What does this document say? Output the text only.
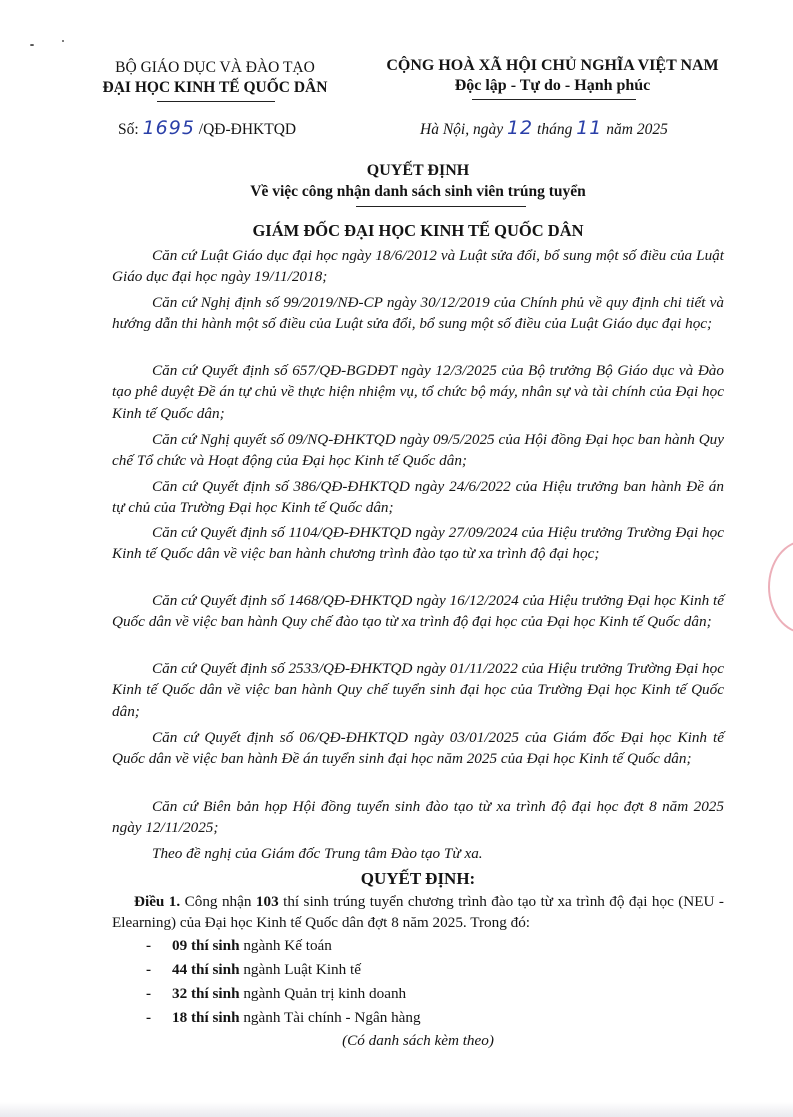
BỘ GIÁO DỤC VÀ ĐÀO TẠO
ĐẠI HỌC KINH TẾ QUỐC DÂN
CỘNG HOÀ XÃ HỘI CHỦ NGHĨA VIỆT NAM
Độc lập - Tự do - Hạnh phúc
Số: 1695 /QĐ-ĐHKTQD	Hà Nội, ngày 12 tháng 11 năm 2025
QUYẾT ĐỊNH
Về việc công nhận danh sách sinh viên trúng tuyển
GIÁM ĐỐC ĐẠI HỌC KINH TẾ QUỐC DÂN

Căn cứ Luật Giáo dục đại học ngày 18/6/2012 và Luật sửa đổi, bổ sung một số điều của Luật Giáo dục đại học ngày 19/11/2018;

Căn cứ Nghị định số 99/2019/NĐ-CP ngày 30/12/2019 của Chính phủ về quy định chi tiết và hướng dẫn thi hành một số điều của Luật sửa đổi, bổ sung một số điều của Luật Giáo dục đại học;

Căn cứ Quyết định số 657/QĐ-BGDĐT ngày 12/3/2025 của Bộ trưởng Bộ Giáo dục và Đào tạo phê duyệt Đề án tự chủ về thực hiện nhiệm vụ, tổ chức bộ máy, nhân sự và tài chính của Đại học Kinh tế Quốc dân;

Căn cứ Nghị quyết số 09/NQ-ĐHKTQD ngày 09/5/2025 của Hội đồng Đại học ban hành Quy chế Tổ chức và Hoạt động của Đại học Kinh tế Quốc dân;

Căn cứ Quyết định số 386/QĐ-ĐHKTQD ngày 24/6/2022 của Hiệu trưởng ban hành Đề án tự chủ của Trường Đại học Kinh tế Quốc dân;

Căn cứ Quyết định số 1104/QĐ-ĐHKTQD ngày 27/09/2024 của Hiệu trưởng Trường Đại học Kinh tế Quốc dân về việc ban hành chương trình đào tạo từ xa trình độ đại học;

Căn cứ Quyết định số 1468/QĐ-ĐHKTQD ngày 16/12/2024 của Hiệu trưởng Đại học Kinh tế Quốc dân về việc ban hành Quy chế đào tạo từ xa trình độ đại học của Đại học Kinh tế Quốc dân;

Căn cứ Quyết định số 2533/QĐ-ĐHKTQD ngày 01/11/2022 của Hiệu trưởng Trường Đại học Kinh tế Quốc dân về việc ban hành Quy chế tuyển sinh đại học của Trường Đại học Kinh tế Quốc dân;

Căn cứ Quyết định số 06/QĐ-ĐHKTQD ngày 03/01/2025 của Giám đốc Đại học Kinh tế Quốc dân về việc ban hành Đề án tuyển sinh đại học năm 2025 của Đại học Kinh tế Quốc dân;

Căn cứ Biên bản họp Hội đồng tuyển sinh đào tạo từ xa trình độ đại học đợt 8 năm 2025 ngày 12/11/2025;

Theo đề nghị của Giám đốc Trung tâm Đào tạo Từ xa.

QUYẾT ĐỊNH:

Điều 1. Công nhận 103 thí sinh trúng tuyển chương trình đào tạo từ xa trình độ đại học (NEU - Elearning) của Đại học Kinh tế Quốc dân đợt 8 năm 2025. Trong đó:

- 09 thí sinh ngành Kế toán
- 44 thí sinh ngành Luật Kinh tế
- 32 thí sinh ngành Quản trị kinh doanh
- 18 thí sinh ngành Tài chính - Ngân hàng
(Có danh sách kèm theo)
